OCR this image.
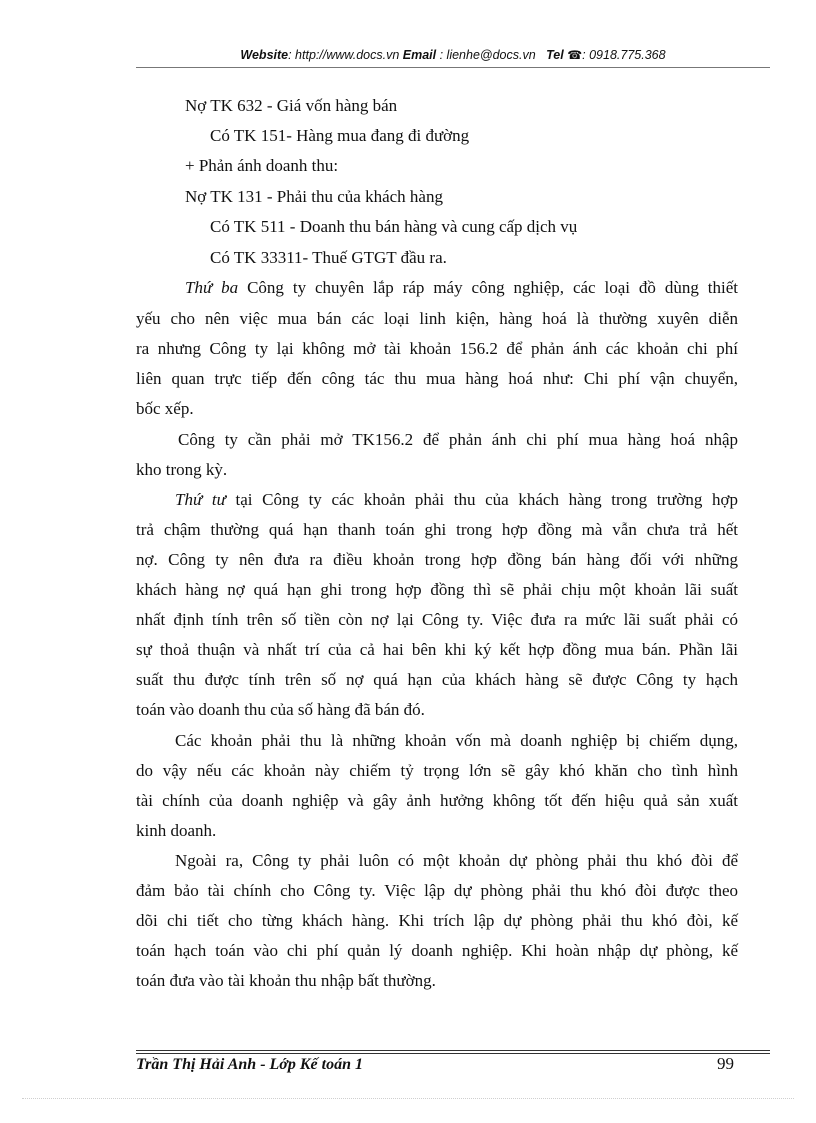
Website: http://www.docs.vn Email : lienhe@docs.vn Tel ☎: 0918.775.368
Nợ TK 632 - Giá vốn hàng bán
Có TK 151- Hàng mua đang đi đường
+ Phản ánh doanh thu:
Nợ TK 131 - Phải thu của khách hàng
Có TK 511 - Doanh thu bán hàng và cung cấp dịch vụ
Có TK 33311- Thuế GTGT đầu ra.
Thứ ba Công ty chuyên lắp ráp máy công nghiệp, các loại đồ dùng thiết
yếu cho nên việc mua bán các loại linh kiện, hàng hoá là thường xuyên diễn
ra nhưng Công ty lại không mở tài khoản 156.2 để phản ánh các khoản chi phí
liên quan trực tiếp đến công tác thu mua hàng hoá như: Chi phí vận chuyển,
bốc xếp.
Công ty cần phải mở TK156.2 để phản ánh chi phí mua hàng hoá nhập
kho trong kỳ.
Thứ tư tại Công ty các khoản phải thu của khách hàng trong trường hợp
trả chậm thường quá hạn thanh toán ghi trong hợp đồng mà vẫn chưa trả hết
nợ. Công ty nên đưa ra điều khoản trong hợp đồng bán hàng đối với những
khách hàng nợ quá hạn ghi trong hợp đồng thì sẽ phải chịu một khoản lãi suất
nhất định tính trên số tiền còn nợ lại Công ty. Việc đưa ra mức lãi suất phải có
sự thoả thuận và nhất trí của cả hai bên khi ký kết hợp đồng mua bán. Phần lãi
suất thu được tính trên số nợ quá hạn của khách hàng sẽ được Công ty hạch
toán vào doanh thu của số hàng đã bán đó.
Các khoản phải thu là những khoản vốn mà doanh nghiệp bị chiếm dụng,
do vậy nếu các khoản này chiếm tỷ trọng lớn sẽ gây khó khăn cho tình hình
tài chính của doanh nghiệp và gây ảnh hưởng không tốt đến hiệu quả sản xuất
kinh doanh.
Ngoài ra, Công ty phải luôn có một khoản dự phòng phải thu khó đòi để
đảm bảo tài chính cho Công ty. Việc lập dự phòng phải thu khó đòi được theo
dõi chi tiết cho từng khách hàng. Khi trích lập dự phòng phải thu khó đòi, kế
toán hạch toán vào chi phí quản lý doanh nghiệp. Khi hoàn nhập dự phòng, kế
toán đưa vào tài khoản thu nhập bất thường.
Trần Thị Hải Anh - Lớp Kế toán 1	99
